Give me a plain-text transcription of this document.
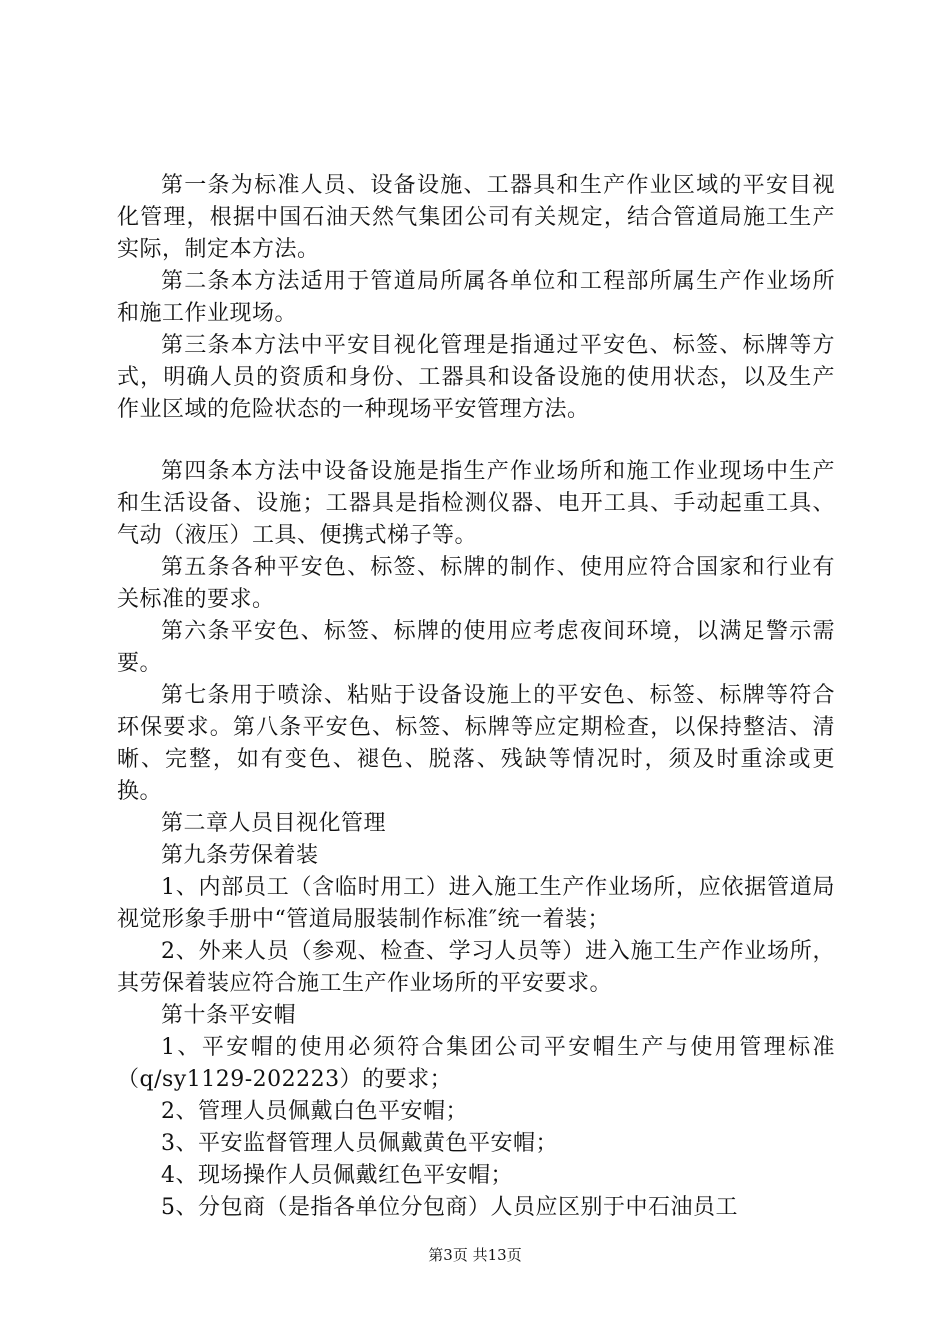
第一条为标准人员、设备设施、工器具和生产作业区域的平安目视化管理，根据中国石油天然气集团公司有关规定，结合管道局施工生产实际，制定本方法。

第二条本方法适用于管道局所属各单位和工程部所属生产作业场所和施工作业现场。

第三条本方法中平安目视化管理是指通过平安色、标签、标牌等方式，明确人员的资质和身份、工器具和设备设施的使用状态，以及生产作业区域的危险状态的一种现场平安管理方法。

第四条本方法中设备设施是指生产作业场所和施工作业现场中生产和生活设备、设施；工器具是指检测仪器、电开工具、手动起重工具、气动（液压）工具、便携式梯子等。

第五条各种平安色、标签、标牌的制作、使用应符合国家和行业有关标准的要求。

第六条平安色、标签、标牌的使用应考虑夜间环境，以满足警示需要。

第七条用于喷涂、粘贴于设备设施上的平安色、标签、标牌等符合环保要求。第八条平安色、标签、标牌等应定期检查，以保持整洁、清晰、完整，如有变色、褪色、脱落、残缺等情况时，须及时重涂或更换。

第二章人员目视化管理

第九条劳保着装

1、内部员工（含临时用工）进入施工生产作业场所，应依据管道局视觉形象手册中“管道局服装制作标准″统一着装；

2、外来人员（参观、检查、学习人员等）进入施工生产作业场所，其劳保着装应符合施工生产作业场所的平安要求。

第十条平安帽

1、平安帽的使用必须符合集团公司平安帽生产与使用管理标准（q/sy1129-202223）的要求；

2、管理人员佩戴白色平安帽；

3、平安监督管理人员佩戴黄色平安帽；

4、现场操作人员佩戴红色平安帽；

5、分包商（是指各单位分包商）人员应区别于中石油员工

第3页 共13页
